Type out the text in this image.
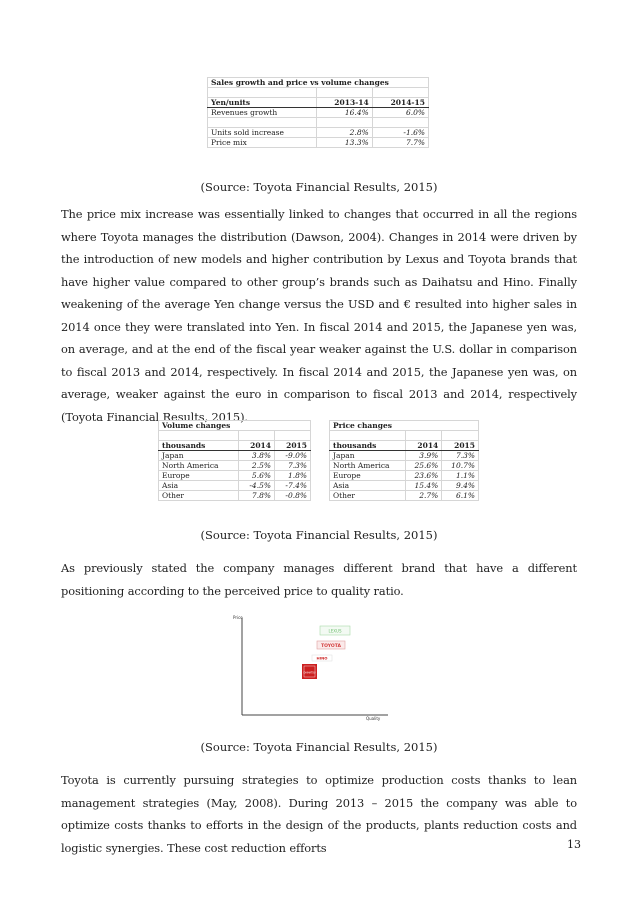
Sales growth and price vs volume changes		

Yen/units	2013-14	2014-15
Revenues growth	16.4%	6.0%

Units sold increase	2.8%	-1.6%
Price mix	13.3%	7.7%
(Source: Toyota Financial Results, 2015)
The price mix increase was essentially linked to changes that occurred in all the regions where Toyota manages the distribution (Dawson, 2004). Changes in 2014 were driven by the introduction of new models and higher contribution by Lexus and Toyota brands that have higher value compared to other group’s brands such as Daihatsu and Hino. Finally weakening of the average Yen change versus the USD and € resulted into higher sales in 2014 once they were translated into Yen. In fiscal 2014 and 2015, the Japanese yen was, on average, and at the end of the fiscal year weaker against the U.S. dollar in comparison to fiscal 2013 and 2014, respectively. In fiscal 2014 and 2015, the Japanese yen was, on average, weaker against the euro in comparison to fiscal 2013 and 2014, respectively (Toyota Financial Results, 2015).
Volume changes		

thousands	2014	2015
Japan	3.8%	-9.0%
North America	2.5%	7.3%
Europe	5.6%	1.8%
Asia	-4.5%	-7.4%
Other	7.8%	-0.8%
Price changes		

thousands	2014	2015
Japan	3.9%	7.3%
North America	25.6%	10.7%
Europe	23.6%	1.1%
Asia	15.4%	9.4%
Other	2.7%	6.1%
(Source: Toyota Financial Results, 2015)
As previously stated the company manages different brand that have a different positioning according to the perceived price to quality ratio.
Price
Quality
LEXUS
TOYOTA
HINO
DAIHATSU
(Source: Toyota Financial Results, 2015)
Toyota is currently pursuing strategies to optimize production costs thanks to lean management strategies (May, 2008). During 2013 – 2015 the company was able to optimize costs thanks to efforts in the design of the products, plants reduction costs and logistic synergies. These cost reduction efforts	13
